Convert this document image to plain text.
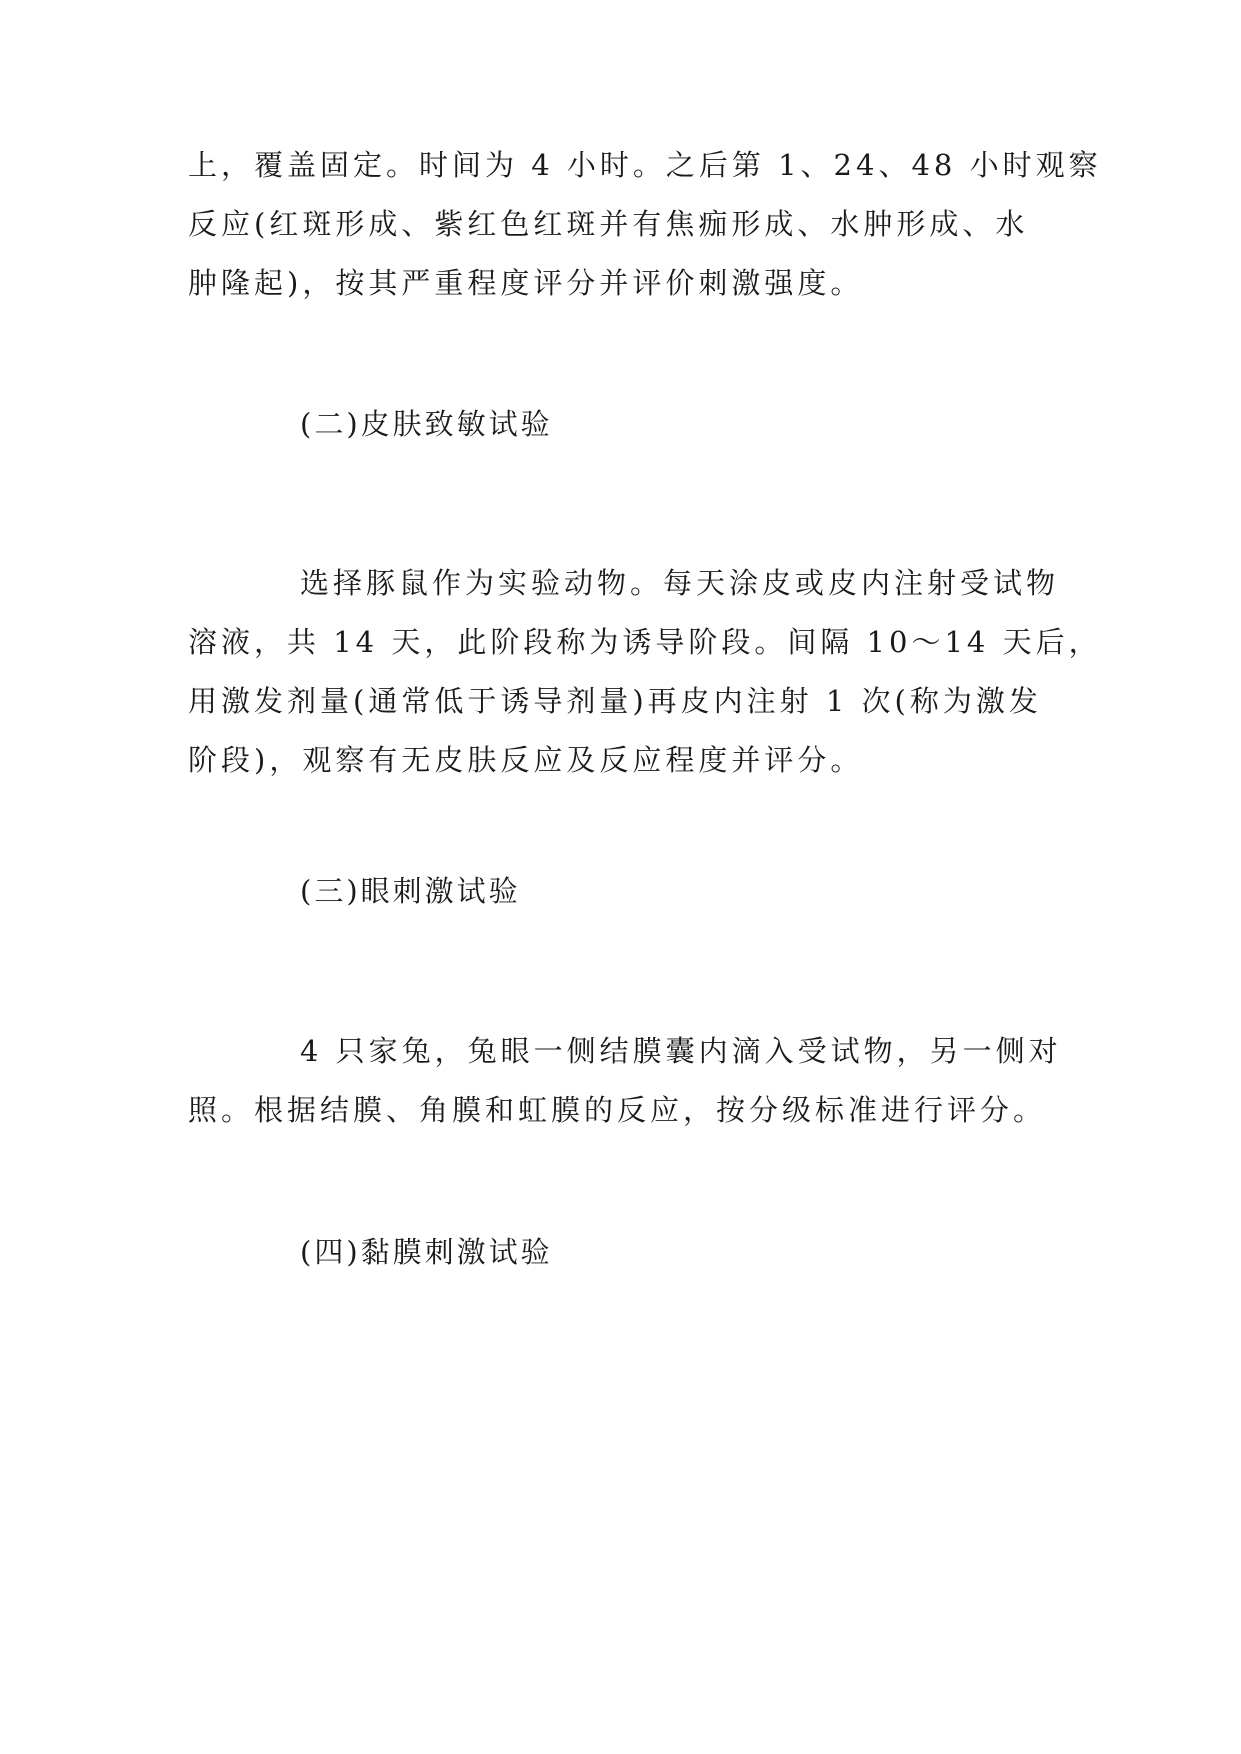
上，覆盖固定。时间为 4 小时。之后第 1、24、48 小时观察
反应(红斑形成、紫红色红斑并有焦痂形成、水肿形成、水
肿隆起)，按其严重程度评分并评价刺激强度。

(二)皮肤致敏试验

选择豚鼠作为实验动物。每天涂皮或皮内注射受试物
溶液，共 14 天，此阶段称为诱导阶段。间隔 10～14 天后，
用激发剂量(通常低于诱导剂量)再皮内注射 1 次(称为激发
阶段)，观察有无皮肤反应及反应程度并评分。

(三)眼刺激试验

4 只家兔，兔眼一侧结膜囊内滴入受试物，另一侧对
照。根据结膜、角膜和虹膜的反应，按分级标准进行评分。

(四)黏膜刺激试验
